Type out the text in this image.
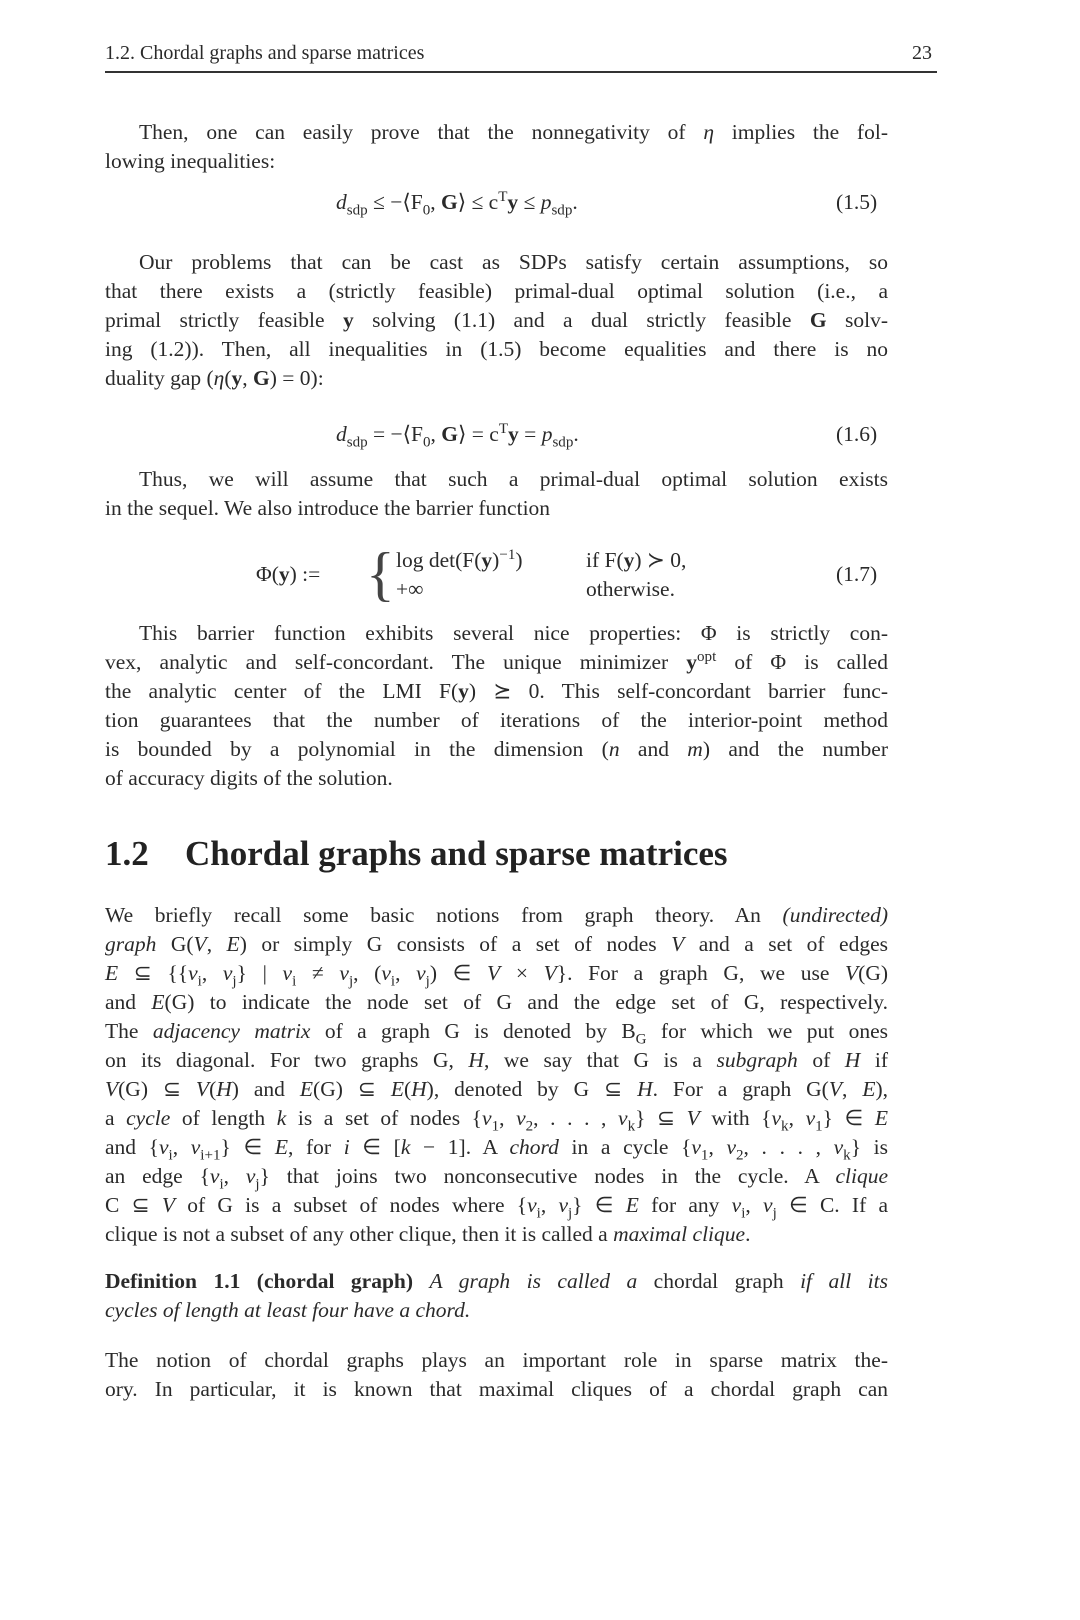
1.2. Chordal graphs and sparse matrices	23
Then, one can easily prove that the nonnegativity of η implies the fol-
lowing inequalities:
$d_{sdp}$ ≤ $-⟨F_0$, G⟩ ≤ $c^Ty \le p_{sdp}$.	(1.5)
Our problems that can be cast as SDPs satisfy certain assumptions, so
that there exists a (strictly feasible) primal-dual optimal solution (i.e., a
primal strictly feasible y solving (1.1) and a dual strictly feasible G solv-
ing (1.2)). Then, all inequalities in (1.5) become equalities and there is no
duality gap (η(y, G) = 0):
$d_{sdp}$ = $-⟨F_0$, G⟩ = $c^Ty = p_{sdp}$.	(1.6)
Thus, we will assume that such a primal-dual optimal solution exists
in the sequel. We also introduce the barrier function
Φ(y) := { $\log \det(F(y)^{-1})$	if F(y) ≻ 0,
+∞	otherwise.
(1.7)
This barrier function exhibits several nice properties: Φ is strictly con-
vex, analytic and self-concordant. The unique minimizer $y^{opt}$ of Φ is called
the analytic center of the LMI F(y) ⪰ 0. This self-concordant barrier func-
tion guarantees that the number of iterations of the interior-point method
is bounded by a polynomial in the dimension (n and m) and the number
of accuracy digits of the solution.
1.2 Chordal graphs and sparse matrices
We briefly recall some basic notions from graph theory. An (undirected)
graph G(V, E) or simply G consists of a set of nodes V and a set of edges
E ⊆ {{$v_i$, $v_j$} | $v_i \ne v_j$, ($v_i$, $v_j$) ∈ V × V}. For a graph G, we use V(G)
and E(G) to indicate the node set of G and the edge set of G, respectively.
The adjacency matrix of a graph G is denoted by $B_G$ for which we put ones
on its diagonal. For two graphs G, H, we say that G is a subgraph of H if
V(G) ⊆ V(H) and E(G) ⊆ E(H), denoted by G ⊆ H. For a graph G(V, E),
a cycle of length k is a set of nodes {$v_1$, $v_2$, . . . , $v_k$} ⊆ V with {$v_k$, $v_1$} ∈ E
and {$v_i$, $v_{i+1}$} ∈ E, for i ∈ [k − 1]. A chord in a cycle {$v_1$, $v_2$, . . . , $v_k$} is
an edge {$v_i$, $v_j$} that joins two nonconsecutive nodes in the cycle. A clique
C ⊆ V of G is a subset of nodes where {$v_i$, $v_j$} ∈ E for any $v_i$, $v_j$ ∈ C. If a
clique is not a subset of any other clique, then it is called a maximal clique.
Definition 1.1 (chordal graph) A graph is called a chordal graph if all its
cycles of length at least four have a chord.
The notion of chordal graphs plays an important role in sparse matrix the-
ory. In particular, it is known that maximal cliques of a chordal graph can
